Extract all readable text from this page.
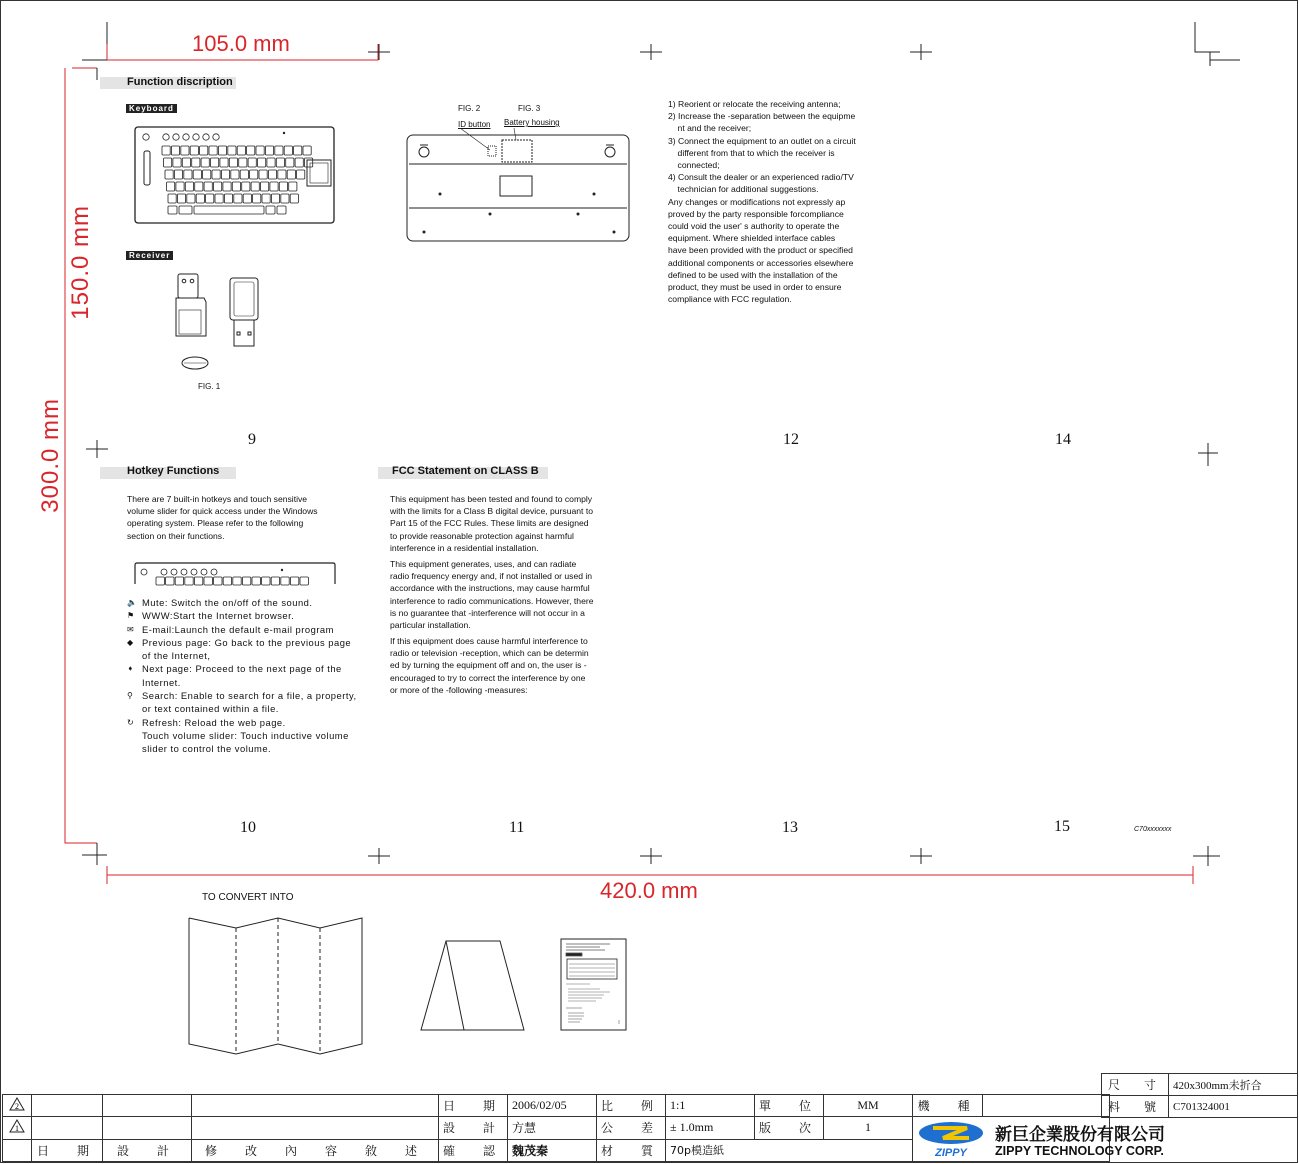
105.0 mm
150.0 mm
300.0 mm
420.0 mm
Function discription
Keyboard
Receiver
FIG. 1
FIG. 2	FIG. 3
ID button Battery housing
1) Reorient or relocate the receiving antenna;
2) Increase the -separation between the equipme
nt and the receiver;
3) Connect the equipment to an outlet on a circuit
different from that to which the receiver is
connected;
4) Consult the dealer or an experienced radio/TV
technician for additional suggestions.
Any changes or modifications not expressly ap
proved by the party responsible forcompliance
could void the user' s authority to operate the
equipment. Where shielded interface cables
have been provided with the product or specified
additional components or accessories elsewhere
defined to be used with the installation of the
product, they must be used in order to ensure
compliance with FCC regulation.
9	12	14
10	11	13	15	C70xxxxxxx
Hotkey Functions
There are 7 built-in hotkeys and touch sensitive
volume slider for quick access under the Windows
operating system. Please refer to the following
section on their functions.
🔈 Mute: Switch the on/off of the sound.
⚑ WWW:Start the Internet browser.
✉ E-mail:Launch the default e-mail program
◆ Previous page: Go back to the previous page
of the Internet,
➧ Next page: Proceed to the next page of the
Internet.
⚲ Search: Enable to search for a file, a property,
or text contained within a file.
↻ Refresh: Reload the web page.
Touch volume slider: Touch inductive volume
slider to control the volume.
FCC Statement on CLASS B
This equipment has been tested and found to comply
with the limits for a Class B digital device, pursuant to
Part 15 of the FCC Rules. These limits are designed
to provide reasonable protection against harmful
interference in a residential installation.
This equipment generates, uses, and can radiate
radio frequency energy and, if not installed or used in
accordance with the instructions, may cause harmful
interference to radio communications. However, there
is no guarantee that -interference will not occur in a
particular installation.
If this equipment does cause harmful interference to
radio or television -reception, which can be determin
ed by turning the equipment off and on, the user is -
encouraged to try to correct the interference by one
or more of the -following -measures:
TO CONVERT INTO
尺　寸	420x300mm未折合
料　號	C701324001
2				日　期	2006/02/05	比　例	1:1	單　位	MM	機　種	

1				設　計	方慧	公　差	± 1.0mm	版　次	1	ZIPPY
新巨企業股份有限公司
ZIPPY TECHNOLOGY CORP.	

	日　期	設　計	修　改　內　容　敘　述	確　認	魏茂秦	材　質	70p模造紙				
